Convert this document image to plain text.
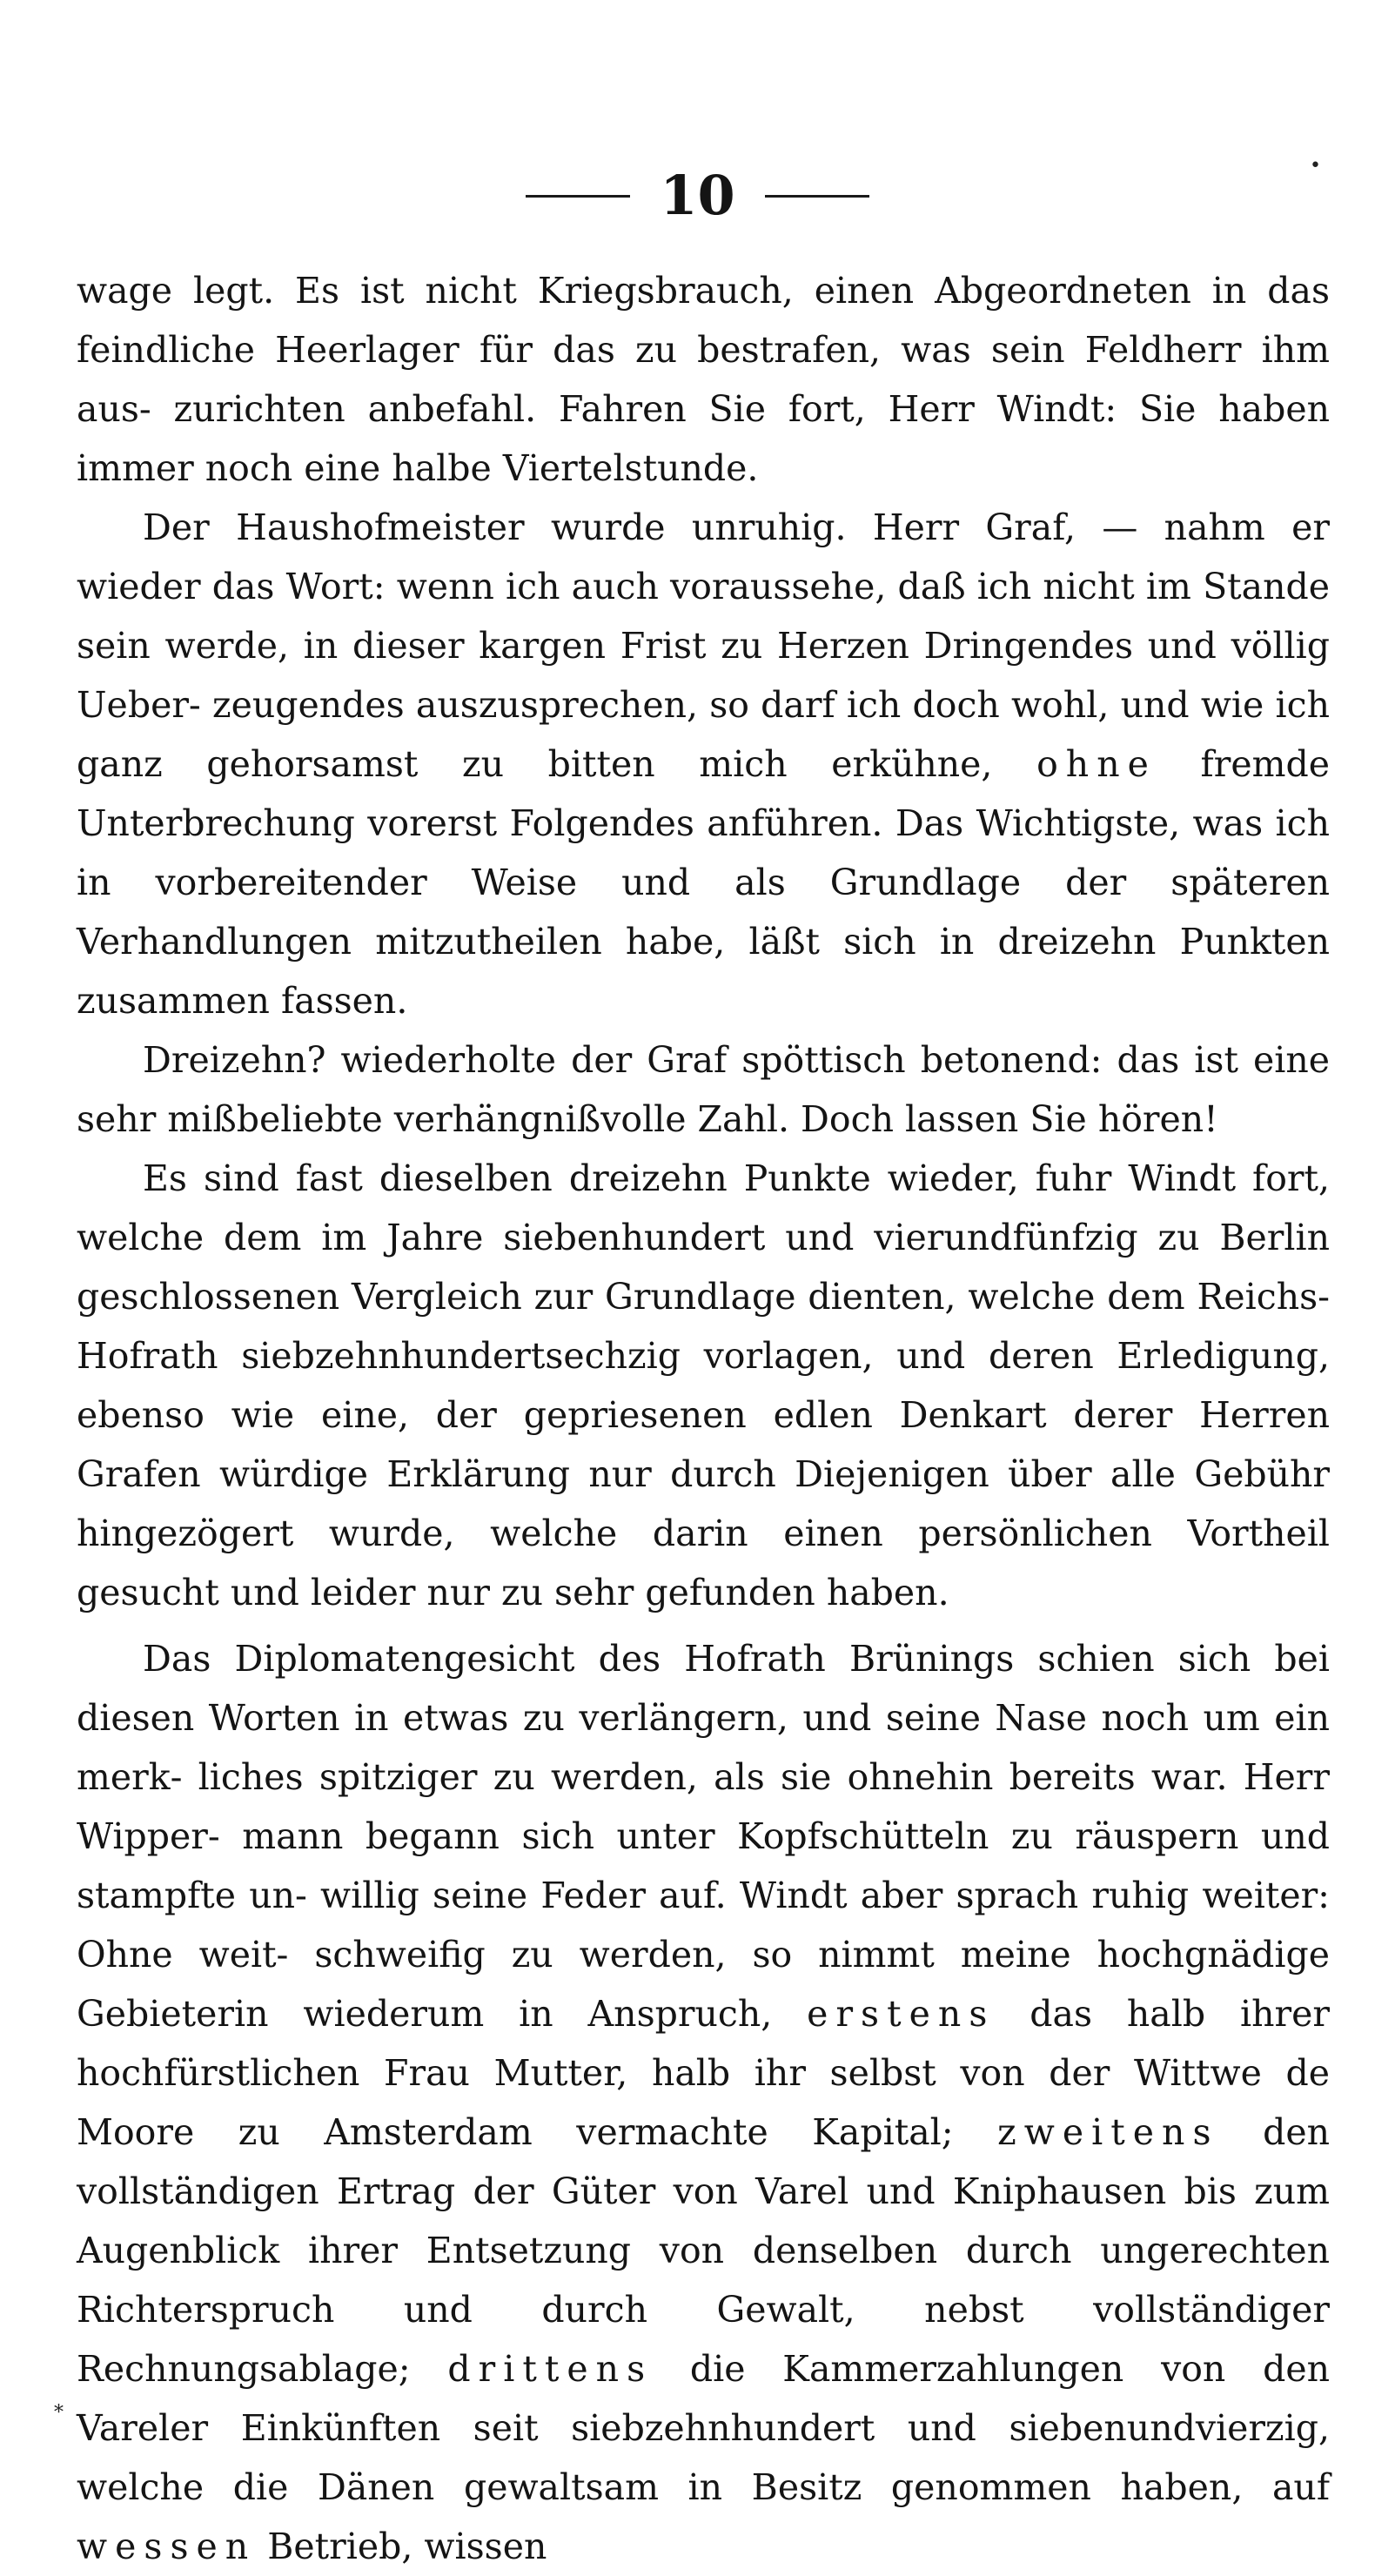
•
10

wage legt. Es ist nicht Kriegsbrauch, einen Abgeordneten in das feindliche Heerlager für das zu bestrafen, was sein Feldherr ihm aus‐ zurichten anbefahl. Fahren Sie fort, Herr Windt: Sie haben immer noch eine halbe Viertelstunde.

Der Haushofmeister wurde unruhig. Herr Graf, — nahm er wieder das Wort: wenn ich auch voraussehe, daß ich nicht im Stande sein werde, in dieser kargen Frist zu Herzen Dringendes und völlig Ueber‐ zeugendes auszusprechen, so darf ich doch wohl, und wie ich ganz gehorsamst zu bitten mich erkühne, ohne fremde Unterbrechung vorerst Folgendes anführen. Das Wichtigste, was ich in vorbereitender Weise und als Grundlage der späteren Verhandlungen mitzutheilen habe, läßt sich in dreizehn Punkten zusammen fassen.

Dreizehn? wiederholte der Graf spöttisch betonend: das ist eine sehr mißbeliebte verhängnißvolle Zahl. Doch lassen Sie hören!

Es sind fast dieselben dreizehn Punkte wieder, fuhr Windt fort, welche dem im Jahre siebenhundert und vierundfünfzig zu Berlin geschlossenen Vergleich zur Grundlage dienten, welche dem Reichs‐ Hofrath siebzehnhundertsechzig vorlagen, und deren Erledigung, ebenso wie eine, der gepriesenen edlen Denkart derer Herren Grafen würdige Erklärung nur durch Diejenigen über alle Gebühr hingezögert wurde, welche darin einen persönlichen Vortheil gesucht und leider nur zu sehr gefunden haben.

Das Diplomatengesicht des Hofrath Brünings schien sich bei diesen Worten in etwas zu verlängern, und seine Nase noch um ein merk‐ liches spitziger zu werden, als sie ohnehin bereits war. Herr Wipper‐ mann begann sich unter Kopfschütteln zu räuspern und stampfte un‐ willig seine Feder auf. Windt aber sprach ruhig weiter: Ohne weit‐ schweifig zu werden, so nimmt meine hochgnädige Gebieterin wiederum in Anspruch, erstens das halb ihrer hochfürstlichen Frau Mutter, halb ihr selbst von der Wittwe de Moore zu Amsterdam vermachte Kapital; zweitens den vollständigen Ertrag der Güter von Varel und Kniphausen bis zum Augenblick ihrer Entsetzung von denselben durch ungerechten Richterspruch und durch Gewalt, nebst vollständiger Rechnungsablage; drittens die Kammerzahlungen von den Vareler Einkünften seit siebzehnhundert und siebenundvierzig, welche die Dänen gewaltsam in Besitz genommen haben, auf wessen Betrieb, wissen

*
